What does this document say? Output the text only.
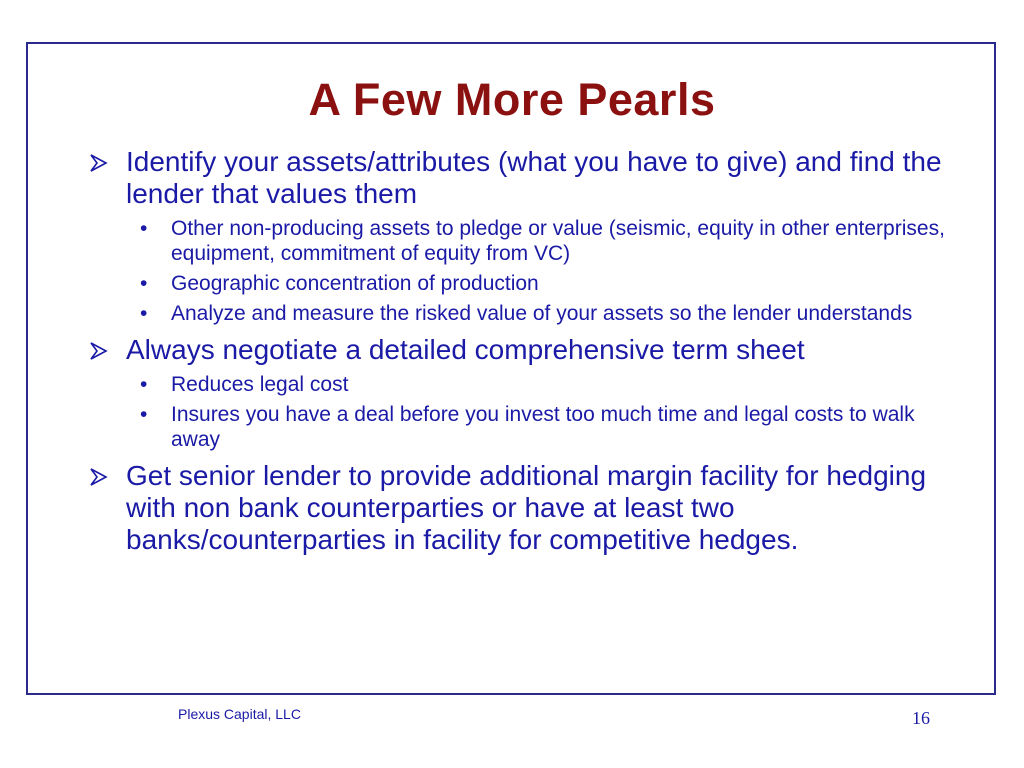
A Few More Pearls
Identify your assets/attributes (what you have to give) and find the lender that values them
• Other non-producing assets to pledge or value (seismic, equity in other enterprises, equipment, commitment of equity from VC)
• Geographic concentration of production
• Analyze and measure the risked value of your assets so the lender understands
Always negotiate a detailed comprehensive term sheet
• Reduces legal cost
• Insures you have a deal before you invest too much time and legal costs to walk away
Get senior lender to provide additional margin facility for hedging with non bank counterparties or have at least two banks/counterparties in facility for competitive hedges.
Plexus Capital, LLC	16
